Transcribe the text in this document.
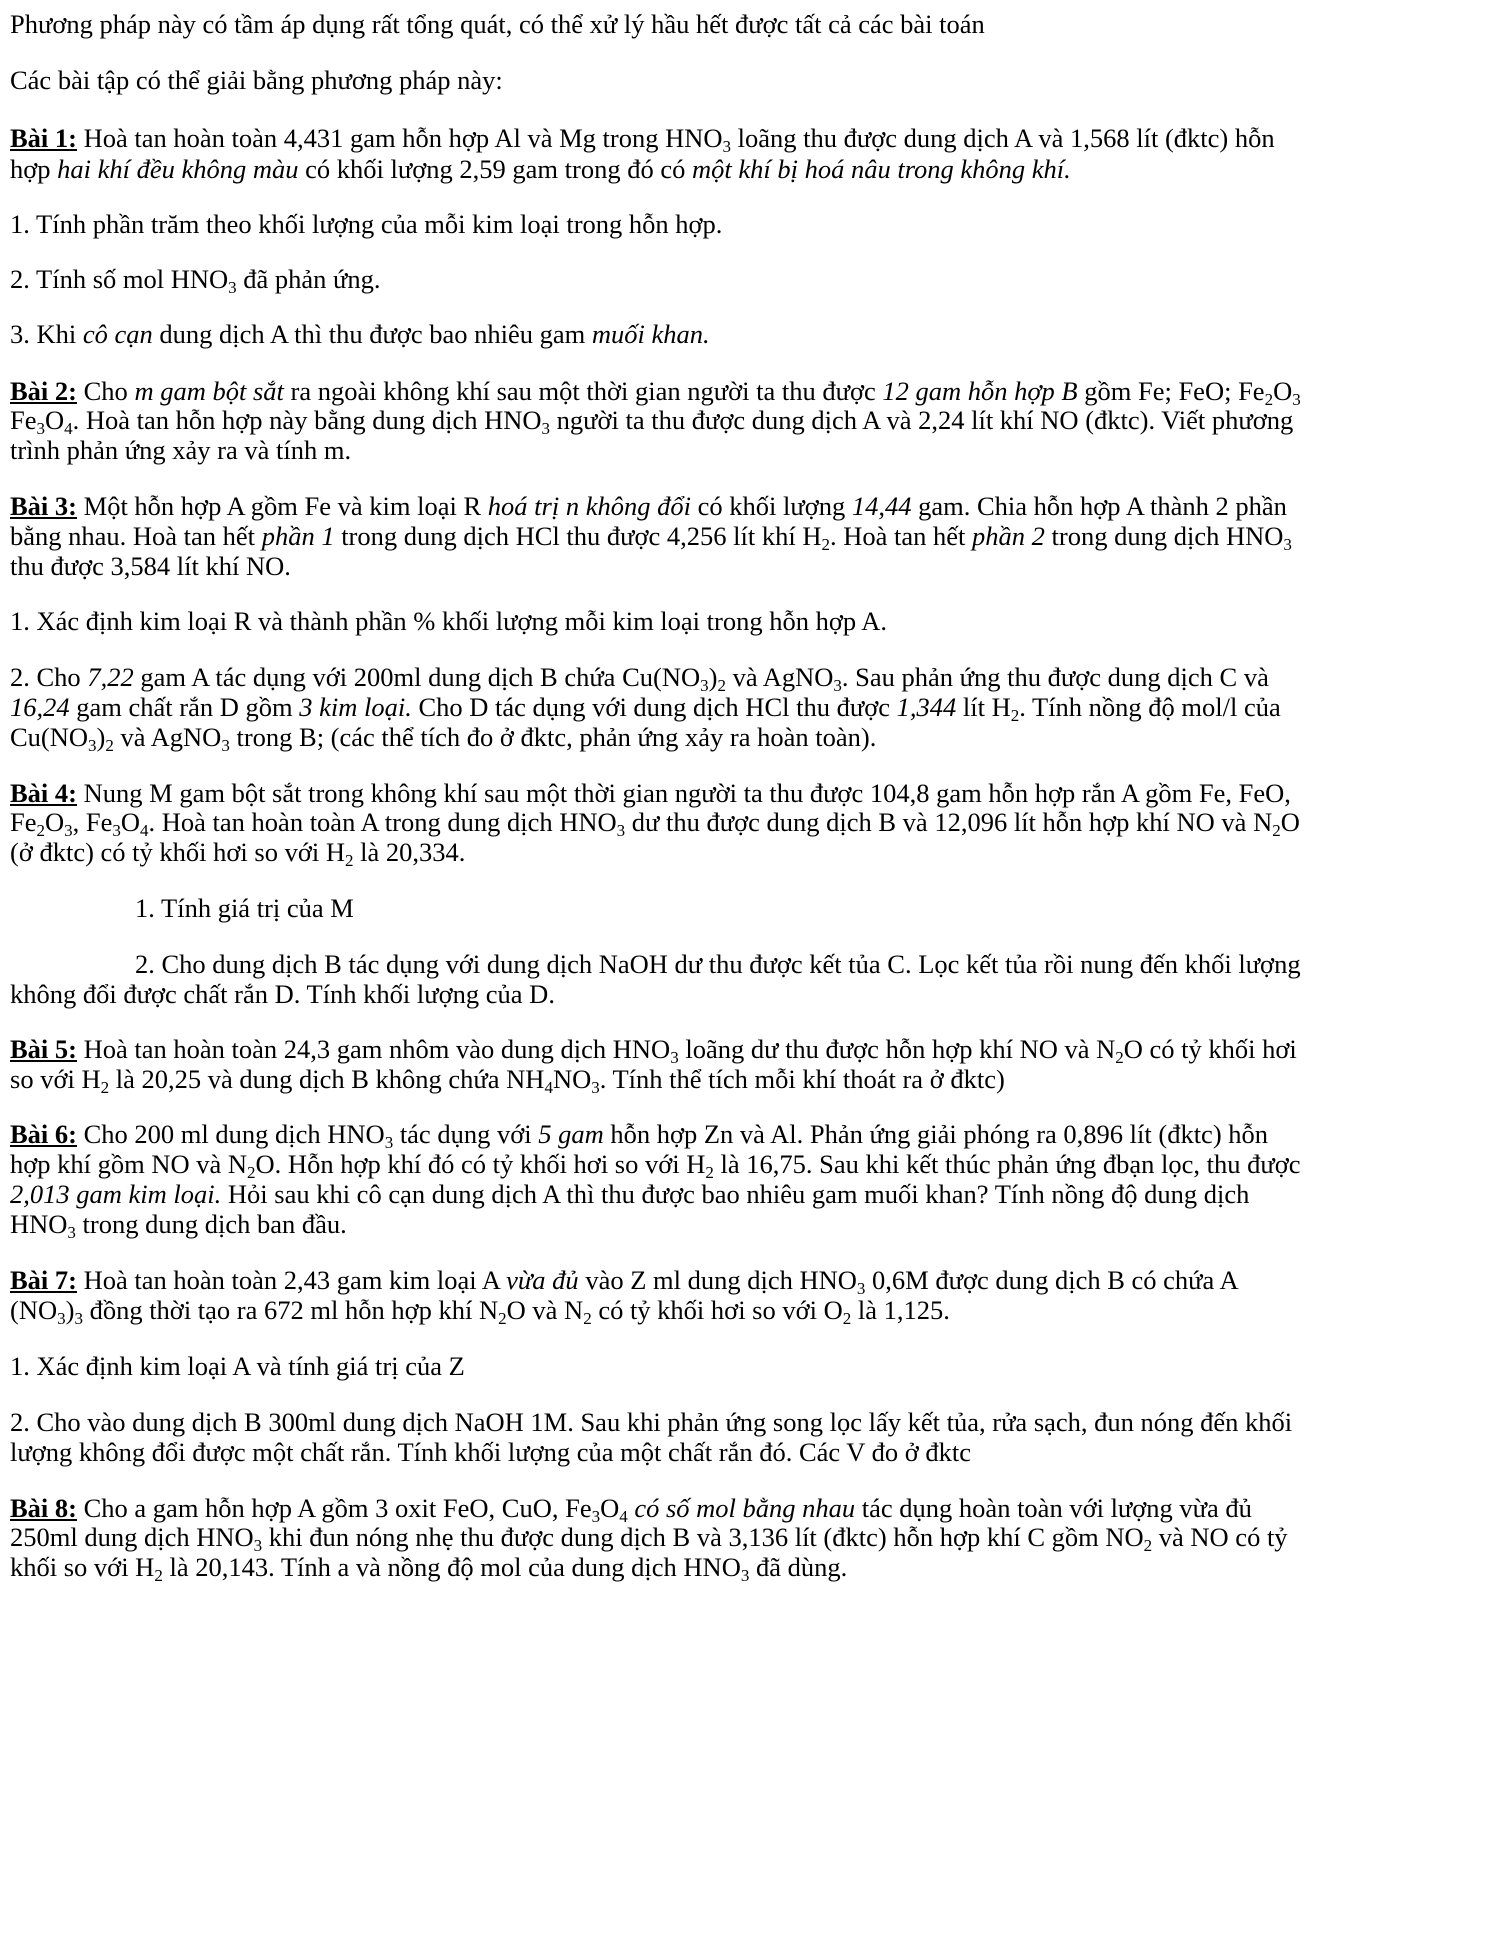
Phương pháp này có tầm áp dụng rất tổng quát, có thể xử lý hầu hết được tất cả các bài toán

Các bài tập có thể giải bằng phương pháp này:

Bài 1: Hoà tan hoàn toàn 4,431 gam hỗn hợp Al và Mg trong $HNO_3$ loãng thu được dung dịch A và 1,568 lít (đktc) hỗn

hợp hai khí đều không màu có khối lượng 2,59 gam trong đó có một khí bị hoá nâu trong không khí.

1. Tính phần trăm theo khối lượng của mỗi kim loại trong hỗn hợp.

2. Tính số mol $HNO_3$ đã phản ứng.

3. Khi cô cạn dung dịch A thì thu được bao nhiêu gam muối khan.

Bài 2: Cho m gam bột sắt ra ngoài không khí sau một thời gian người ta thu được 12 gam hỗn hợp B gồm Fe; FeO; $Fe_2O_3$

$Fe_3O_4$. Hoà tan hỗn hợp này bằng dung dịch $HNO_3$ người ta thu được dung dịch A và 2,24 lít khí NO (đktc). Viết phương

trình phản ứng xảy ra và tính m.

Bài 3: Một hỗn hợp A gồm Fe và kim loại R hoá trị n không đổi có khối lượng 14,44 gam. Chia hỗn hợp A thành 2 phần

bằng nhau. Hoà tan hết phần 1 trong dung dịch HCl thu được 4,256 lít khí $H_2$. Hoà tan hết phần 2 trong dung dịch $HNO_3$

thu được 3,584 lít khí NO.

1. Xác định kim loại R và thành phần % khối lượng mỗi kim loại trong hỗn hợp A.

2. Cho 7,22 gam A tác dụng với 200ml dung dịch B chứa $Cu(NO_3)_2$ và AgNO$_3$. Sau phản ứng thu được dung dịch C và

16,24 gam chất rắn D gồm 3 kim loại. Cho D tác dụng với dung dịch HCl thu được 1,344 lít $H_2$. Tính nồng độ mol/l của

$Cu(NO_3)_2$ và AgNO$_3$ trong B; (các thể tích đo ở đktc, phản ứng xảy ra hoàn toàn).

Bài 4: Nung M gam bột sắt trong không khí sau một thời gian người ta thu được 104,8 gam hỗn hợp rắn A gồm Fe, FeO,

$Fe_2O_3$, $Fe_3O_4$. Hoà tan hoàn toàn A trong dung dịch $HNO_3$ dư thu được dung dịch B và 12,096 lít hỗn hợp khí NO và $N_2O$

(ở đktc) có tỷ khối hơi so với $H_2$ là 20,334.

1. Tính giá trị của M

2. Cho dung dịch B tác dụng với dung dịch NaOH dư thu được kết tủa C. Lọc kết tủa rồi nung đến khối lượng

không đổi được chất rắn D. Tính khối lượng của D.

Bài 5: Hoà tan hoàn toàn 24,3 gam nhôm vào dung dịch $HNO_3$ loãng dư thu được hỗn hợp khí NO và $N_2O$ có tỷ khối hơi

so với $H_2$ là 20,25 và dung dịch B không chứa $NH_4NO_3$. Tính thể tích mỗi khí thoát ra ở đktc)

Bài 6: Cho 200 ml dung dịch $HNO_3$ tác dụng với 5 gam hỗn hợp Zn và Al. Phản ứng giải phóng ra 0,896 lít (đktc) hỗn

hợp khí gồm NO và $N_2O$. Hỗn hợp khí đó có tỷ khối hơi so với $H_2$ là 16,75. Sau khi kết thúc phản ứng đbạn lọc, thu được

2,013 gam kim loại. Hỏi sau khi cô cạn dung dịch A thì thu được bao nhiêu gam muối khan? Tính nồng độ dung dịch

$HNO_3$ trong dung dịch ban đầu.

Bài 7: Hoà tan hoàn toàn 2,43 gam kim loại A vừa đủ vào Z ml dung dịch $HNO_3$ 0,6M được dung dịch B có chứa A

$(NO_3)_3$ đồng thời tạo ra 672 ml hỗn hợp khí $N_2O$ và $N_2$ có tỷ khối hơi so với $O_2$ là 1,125.

1. Xác định kim loại A và tính giá trị của Z

2. Cho vào dung dịch B 300ml dung dịch NaOH 1M. Sau khi phản ứng song lọc lấy kết tủa, rửa sạch, đun nóng đến khối

lượng không đổi được một chất rắn. Tính khối lượng của một chất rắn đó. Các V đo ở đktc

Bài 8: Cho a gam hỗn hợp A gồm 3 oxit FeO, CuO, $Fe_3O_4$ có số mol bằng nhau tác dụng hoàn toàn với lượng vừa đủ

250ml dung dịch $HNO_3$ khi đun nóng nhẹ thu được dung dịch B và 3,136 lít (đktc) hỗn hợp khí C gồm $NO_2$ và NO có tỷ

khối so với $H_2$ là 20,143. Tính a và nồng độ mol của dung dịch $HNO_3$ đã dùng.
